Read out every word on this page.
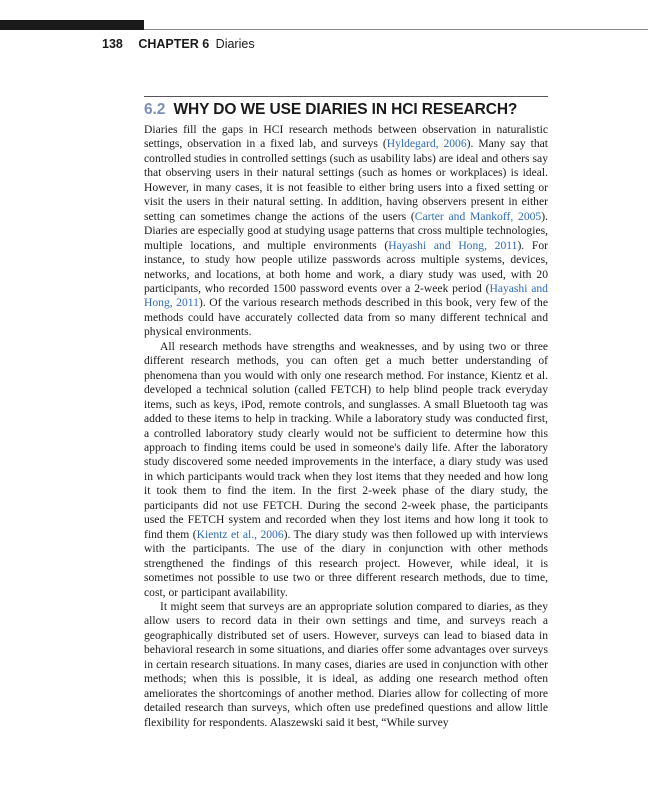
138 CHAPTER 6 Diaries
6.2 WHY DO WE USE DIARIES IN HCI RESEARCH?

Diaries fill the gaps in HCI research methods between observation in naturalistic settings, observation in a fixed lab, and surveys (Hyldegard, 2006). Many say that controlled studies in controlled settings (such as usability labs) are ideal and others say that observing users in their natural settings (such as homes or workplaces) is ideal. However, in many cases, it is not feasible to either bring users into a fixed setting or visit the users in their natural setting. In addition, having observers present in either setting can sometimes change the actions of the users (Carter and Mankoff, 2005). Diaries are especially good at studying usage patterns that cross multiple technologies, multiple locations, and multiple environments (Hayashi and Hong, 2011). For instance, to study how people utilize passwords across multiple systems, devices, networks, and locations, at both home and work, a diary study was used, with 20 participants, who recorded 1500 password events over a 2-week period (Hayashi and Hong, 2011). Of the various research methods described in this book, very few of the methods could have accurately collected data from so many different technical and physical environments.

All research methods have strengths and weaknesses, and by using two or three different research methods, you can often get a much better understanding of phenomena than you would with only one research method. For instance, Kientz et al. developed a technical solution (called FETCH) to help blind people track everyday items, such as keys, iPod, remote controls, and sunglasses. A small Bluetooth tag was added to these items to help in tracking. While a laboratory study was conducted first, a controlled laboratory study clearly would not be sufficient to determine how this approach to finding items could be used in someone's daily life. After the laboratory study discovered some needed improvements in the interface, a diary study was used in which participants would track when they lost items that they needed and how long it took them to find the item. In the first 2-week phase of the diary study, the participants did not use FETCH. During the second 2-week phase, the participants used the FETCH system and recorded when they lost items and how long it took to find them (Kientz et al., 2006). The diary study was then followed up with interviews with the participants. The use of the diary in conjunction with other methods strengthened the findings of this research project. However, while ideal, it is sometimes not possible to use two or three different research methods, due to time, cost, or participant availability.

It might seem that surveys are an appropriate solution compared to diaries, as they allow users to record data in their own settings and time, and surveys reach a geographically distributed set of users. However, surveys can lead to biased data in behavioral research in some situations, and diaries offer some advantages over surveys in certain research situations. In many cases, diaries are used in conjunction with other methods; when this is possible, it is ideal, as adding one research method often ameliorates the shortcomings of another method. Diaries allow for collecting of more detailed research than surveys, which often use predefined questions and allow little flexibility for respondents. Alaszewski said it best, “While survey
